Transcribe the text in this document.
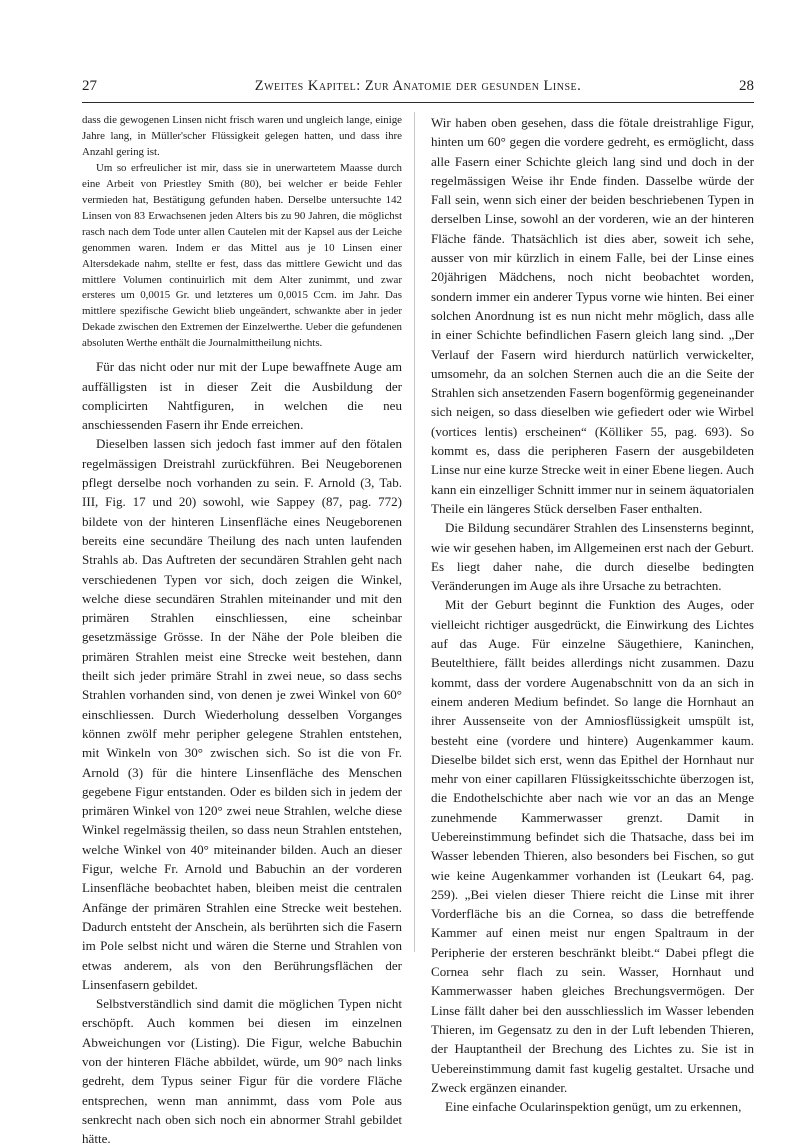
27	Zweites Kapitel: Zur Anatomie der gesunden Linse.	28

dass die gewogenen Linsen nicht frisch waren und ungleich lange, einige Jahre lang, in Müller'scher Flüssigkeit gelegen hatten, und dass ihre Anzahl gering ist.

Um so erfreulicher ist mir, dass sie in unerwartetem Maasse durch eine Arbeit von Priestley Smith (80), bei welcher er beide Fehler vermieden hat, Bestätigung gefunden haben. Derselbe untersuchte 142 Linsen von 83 Erwachsenen jeden Alters bis zu 90 Jahren, die möglichst rasch nach dem Tode unter allen Cautelen mit der Kapsel aus der Leiche genommen waren. Indem er das Mittel aus je 10 Linsen einer Altersdekade nahm, stellte er fest, dass das mittlere Gewicht und das mittlere Volumen continuirlich mit dem Alter zunimmt, und zwar ersteres um 0,0015 Gr. und letzteres um 0,0015 Ccm. im Jahr. Das mittlere spezifische Gewicht blieb ungeändert, schwankte aber in jeder Dekade zwischen den Extremen der Einzelwerthe. Ueber die gefundenen absoluten Werthe enthält die Journalmittheilung nichts.

Für das nicht oder nur mit der Lupe bewaffnete Auge am auffälligsten ist in dieser Zeit die Ausbildung der complicirten Nahtfiguren, in welchen die neu anschiessenden Fasern ihr Ende erreichen.

Dieselben lassen sich jedoch fast immer auf den fötalen regelmässigen Dreistrahl zurückführen. Bei Neugeborenen pflegt derselbe noch vorhanden zu sein. F. Arnold (3, Tab. III, Fig. 17 und 20) sowohl, wie Sappey (87, pag. 772) bildete von der hinteren Linsenfläche eines Neugeborenen bereits eine secundäre Theilung des nach unten laufenden Strahls ab. Das Auftreten der secundären Strahlen geht nach verschiedenen Typen vor sich, doch zeigen die Winkel, welche diese secundären Strahlen miteinander und mit den primären Strahlen einschliessen, eine scheinbar gesetzmässige Grösse. In der Nähe der Pole bleiben die primären Strahlen meist eine Strecke weit bestehen, dann theilt sich jeder primäre Strahl in zwei neue, so dass sechs Strahlen vorhanden sind, von denen je zwei Winkel von 60° einschliessen. Durch Wiederholung desselben Vorganges können zwölf mehr peripher gelegene Strahlen entstehen, mit Winkeln von 30° zwischen sich. So ist die von Fr. Arnold (3) für die hintere Linsenfläche des Menschen gegebene Figur entstanden. Oder es bilden sich in jedem der primären Winkel von 120° zwei neue Strahlen, welche diese Winkel regelmässig theilen, so dass neun Strahlen entstehen, welche Winkel von 40° miteinander bilden. Auch an dieser Figur, welche Fr. Arnold und Babuchin an der vorderen Linsenfläche beobachtet haben, bleiben meist die centralen Anfänge der primären Strahlen eine Strecke weit bestehen. Dadurch entsteht der Anschein, als berührten sich die Fasern im Pole selbst nicht und wären die Sterne und Strahlen von etwas anderem, als von den Berührungsflächen der Linsenfasern gebildet.

Selbstverständlich sind damit die möglichen Typen nicht erschöpft. Auch kommen bei diesen im einzelnen Abweichungen vor (Listing). Die Figur, welche Babuchin von der hinteren Fläche abbildet, würde, um 90° nach links gedreht, dem Typus seiner Figur für die vordere Fläche entsprechen, wenn man annimmt, dass vom Pole aus senkrecht nach oben sich noch ein abnormer Strahl gebildet hätte.

Wir haben oben gesehen, dass die fötale dreistrahlige Figur, hinten um 60° gegen die vordere gedreht, es ermöglicht, dass alle Fasern einer Schichte gleich lang sind und doch in der regelmässigen Weise ihr Ende finden. Dasselbe würde der Fall sein, wenn sich einer der beiden beschriebenen Typen in derselben Linse, sowohl an der vorderen, wie an der hinteren Fläche fände. Thatsächlich ist dies aber, soweit ich sehe, ausser von mir kürzlich in einem Falle, bei der Linse eines 20jährigen Mädchens, noch nicht beobachtet worden, sondern immer ein anderer Typus vorne wie hinten. Bei einer solchen Anordnung ist es nun nicht mehr möglich, dass alle in einer Schichte befindlichen Fasern gleich lang sind. „Der Verlauf der Fasern wird hierdurch natürlich verwickelter, umsomehr, da an solchen Sternen auch die an die Seite der Strahlen sich ansetzenden Fasern bogenförmig gegeneinander sich neigen, so dass dieselben wie gefiedert oder wie Wirbel (vortices lentis) erscheinen“ (Kölliker 55, pag. 693). So kommt es, dass die peripheren Fasern der ausgebildeten Linse nur eine kurze Strecke weit in einer Ebene liegen. Auch kann ein einzelliger Schnitt immer nur in seinem äquatorialen Theile ein längeres Stück derselben Faser enthalten.

Die Bildung secundärer Strahlen des Linsensterns beginnt, wie wir gesehen haben, im Allgemeinen erst nach der Geburt. Es liegt daher nahe, die durch dieselbe bedingten Veränderungen im Auge als ihre Ursache zu betrachten.

Mit der Geburt beginnt die Funktion des Auges, oder vielleicht richtiger ausgedrückt, die Einwirkung des Lichtes auf das Auge. Für einzelne Säugethiere, Kaninchen, Beutelthiere, fällt beides allerdings nicht zusammen. Dazu kommt, dass der vordere Augenabschnitt von da an sich in einem anderen Medium befindet. So lange die Hornhaut an ihrer Aussenseite von der Amniosflüssigkeit umspült ist, besteht eine (vordere und hintere) Augenkammer kaum. Dieselbe bildet sich erst, wenn das Epithel der Hornhaut nur mehr von einer capillaren Flüssigkeitsschichte überzogen ist, die Endothelschichte aber nach wie vor an das an Menge zunehmende Kammerwasser grenzt. Damit in Uebereinstimmung befindet sich die Thatsache, dass bei im Wasser lebenden Thieren, also besonders bei Fischen, so gut wie keine Augenkammer vorhanden ist (Leukart 64, pag. 259). „Bei vielen dieser Thiere reicht die Linse mit ihrer Vorderfläche bis an die Cornea, so dass die betreffende Kammer auf einen meist nur engen Spaltraum in der Peripherie der ersteren beschränkt bleibt.“ Dabei pflegt die Cornea sehr flach zu sein. Wasser, Hornhaut und Kammerwasser haben gleiches Brechungsvermögen. Der Linse fällt daher bei den ausschliesslich im Wasser lebenden Thieren, im Gegensatz zu den in der Luft lebenden Thieren, der Hauptantheil der Brechung des Lichtes zu. Sie ist in Uebereinstimmung damit fast kugelig gestaltet. Ursache und Zweck ergänzen einander.

Eine einfache Ocularinspektion genügt, um zu erkennen,
